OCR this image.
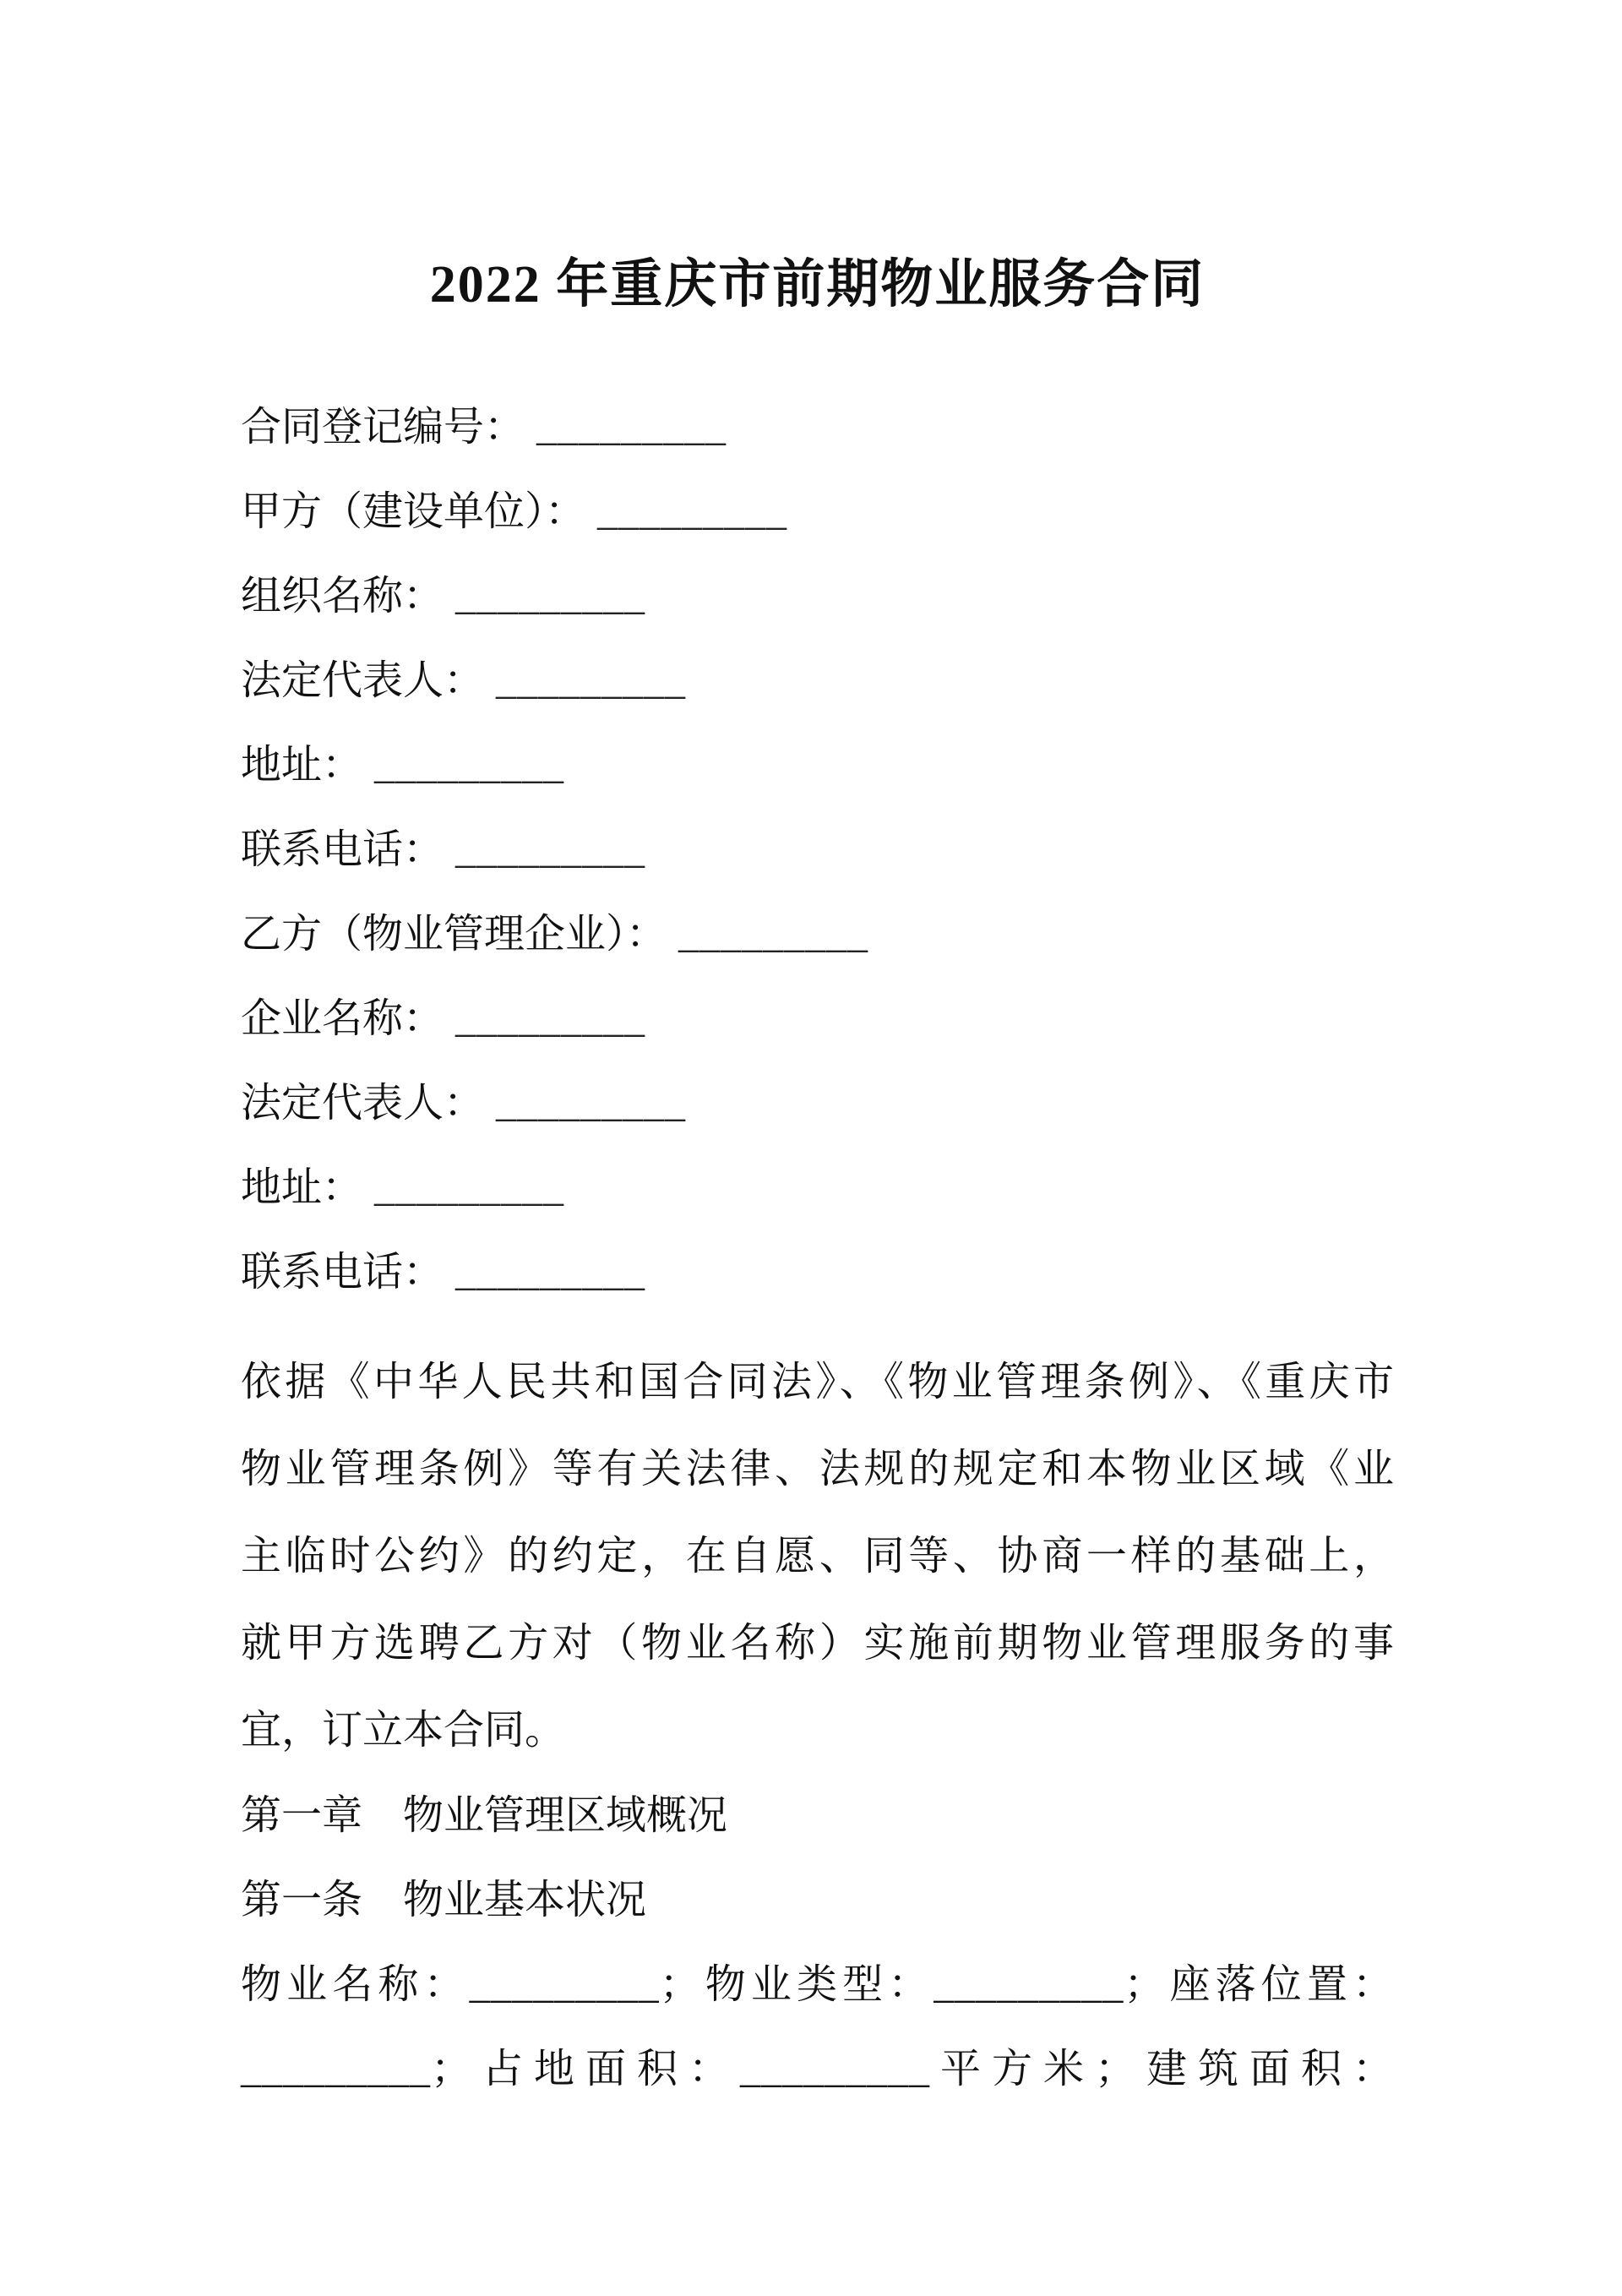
2022 年重庆市前期物业服务合同
合同登记编号： _________
甲方（建设单位）： _________
组织名称： _________
法定代表人： _________
地址： _________
联系电话： _________
乙方（物业管理企业）： _________
企业名称： _________
法定代表人： _________
地址： _________
联系电话： _________
依据《中华人民共和国合同法》、《物业管理条例》、《重庆市
物业管理条例》等有关法律、法规的规定和本物业区域《业
主临时公约》的约定，在自愿、同等、协商一样的基础上，
就甲方选聘乙方对（物业名称）实施前期物业管理服务的事
宜，订立本合同。
第一章　物业管理区域概况
第一条　物业基本状况
物业名称：_________；物业类型：_________；座落位置：
_________；占地面积：_________平方米；建筑面积：
